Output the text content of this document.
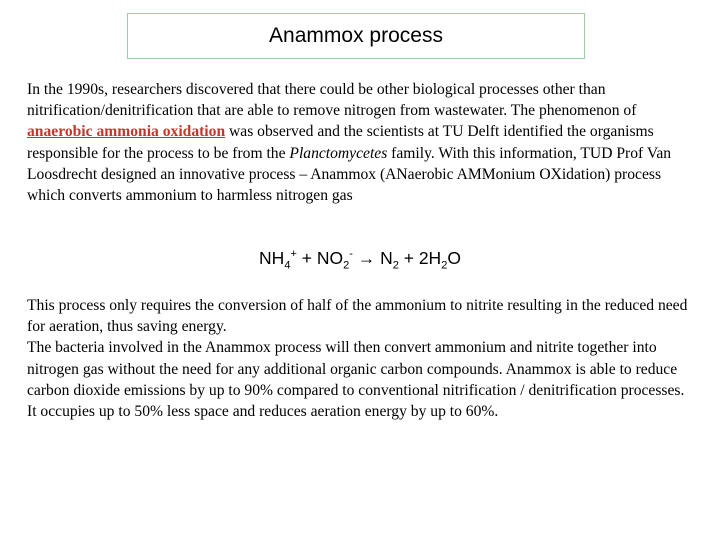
Anammox process

In the 1990s, researchers discovered that there could be other biological processes other than nitrification/denitrification that are able to remove nitrogen from wastewater. The phenomenon of anaerobic ammonia oxidation was observed and the scientists at TU Delft identified the organisms responsible for the process to be from the Planctomycetes family. With this information, TUD Prof Van Loosdrecht designed an innovative process – Anammox (ANaerobic AMMonium OXidation) process which converts ammonium to harmless nitrogen gas

$NH_4^+ + NO_2^- \to N_2 + 2H_2O$
This process only requires the conversion of half of the ammonium to nitrite resulting in the reduced need for aeration, thus saving energy.
The bacteria involved in the Anammox process will then convert ammonium and nitrite together into nitrogen gas without the need for any additional organic carbon compounds. Anammox is able to reduce carbon dioxide emissions by up to 90% compared to conventional nitrification / denitrification processes. It occupies up to 50% less space and reduces aeration energy by up to 60%.
